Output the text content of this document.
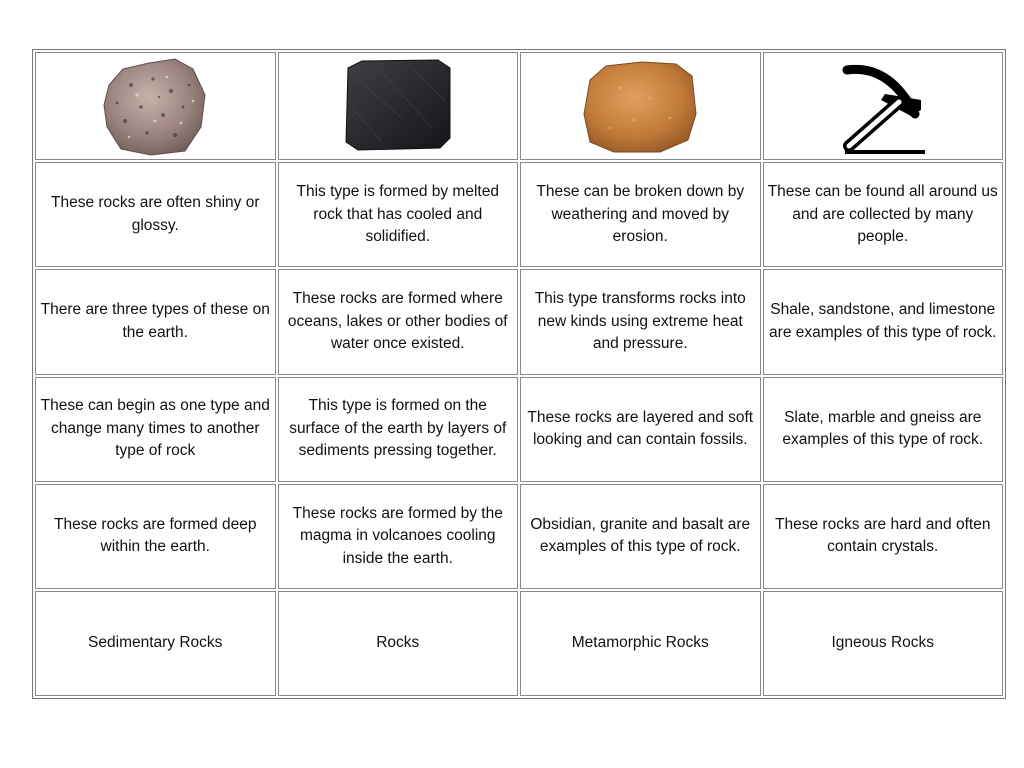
These rocks are often shiny or glossy.	This type is formed by melted rock that has cooled and solidified.	These can be broken down by weathering and moved by erosion.	These can be found all around us and are collected by many people.
There are three types of these on the earth.	These rocks are formed where oceans, lakes or other bodies of water once existed.	This type transforms rocks into new kinds using extreme heat and pressure.	Shale, sandstone, and limestone are examples of this type of rock.
These can begin as one type and change many times to another type of rock	This type is formed on the surface of the earth by layers of sediments pressing together.	These rocks are layered and soft looking and can contain fossils.	Slate, marble and gneiss are examples of this type of rock.
These rocks are formed deep within the earth.	These rocks are formed by the magma in volcanoes cooling inside the earth.	Obsidian, granite and basalt are examples of this type of rock.	These rocks are hard and often contain crystals.
Sedimentary Rocks	Rocks	Metamorphic Rocks	Igneous Rocks
